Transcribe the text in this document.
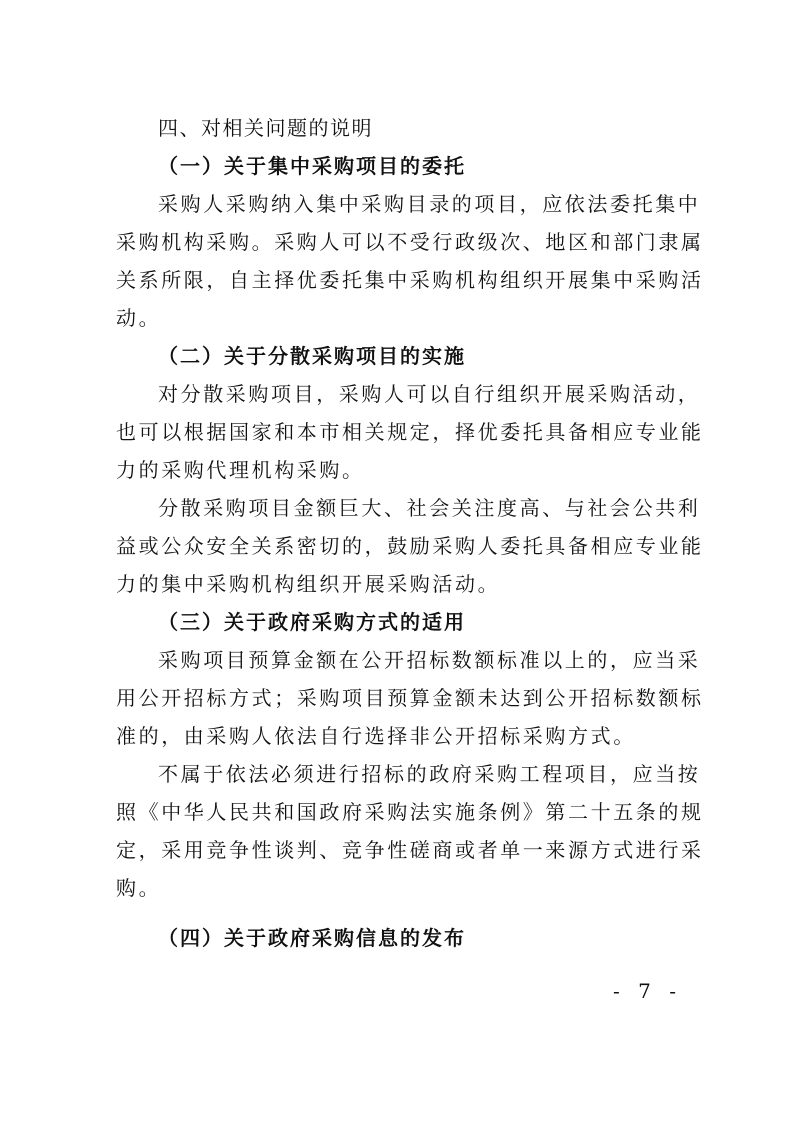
四、对相关问题的说明
（一）关于集中采购项目的委托
采购人采购纳入集中采购目录的项目，应依法委托集中
采购机构采购。采购人可以不受行政级次、地区和部门隶属
关系所限，自主择优委托集中采购机构组织开展集中采购活
动。
（二）关于分散采购项目的实施
对分散采购项目，采购人可以自行组织开展采购活动，
也可以根据国家和本市相关规定，择优委托具备相应专业能
力的采购代理机构采购。
分散采购项目金额巨大、社会关注度高、与社会公共利
益或公众安全关系密切的，鼓励采购人委托具备相应专业能
力的集中采购机构组织开展采购活动。
（三）关于政府采购方式的适用
采购项目预算金额在公开招标数额标准以上的，应当采
用公开招标方式；采购项目预算金额未达到公开招标数额标
准的，由采购人依法自行选择非公开招标采购方式。
不属于依法必须进行招标的政府采购工程项目，应当按
照《中华人民共和国政府采购法实施条例》第二十五条的规
定，采用竞争性谈判、竞争性磋商或者单一来源方式进行采
购。
（四）关于政府采购信息的发布
- 7 -
